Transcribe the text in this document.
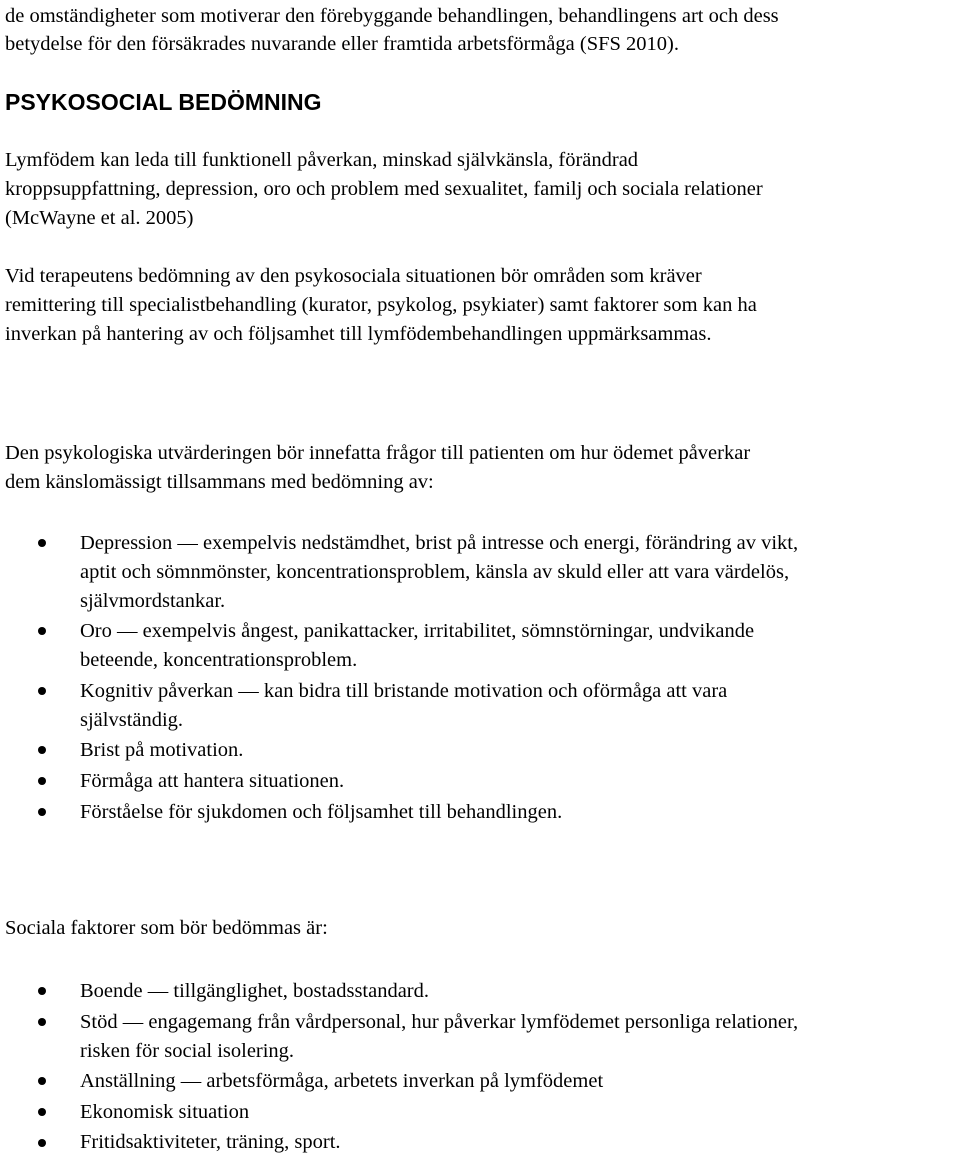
de omständigheter som motiverar den förebyggande behandlingen, behandlingens art och dess
betydelse för den försäkrades nuvarande eller framtida arbetsförmåga (SFS 2010).
PSYKOSOCIAL BEDÖMNING
Lymfödem kan leda till funktionell påverkan, minskad självkänsla, förändrad
kroppsuppfattning, depression, oro och problem med sexualitet, familj och sociala relationer
(McWayne et al. 2005)
Vid terapeutens bedömning av den psykosociala situationen bör områden som kräver
remittering till specialistbehandling (kurator, psykolog, psykiater) samt faktorer som kan ha
inverkan på hantering av och följsamhet till lymfödembehandlingen uppmärksammas.
Den psykologiska utvärderingen bör innefatta frågor till patienten om hur ödemet påverkar
dem känslomässigt tillsammans med bedömning av:
Depression — exempelvis nedstämdhet, brist på intresse och energi, förändring av vikt,
aptit och sömnmönster, koncentrationsproblem, känsla av skuld eller att vara värdelös,
självmordstankar.
Oro — exempelvis ångest, panikattacker, irritabilitet, sömnstörningar, undvikande
beteende, koncentrationsproblem.
Kognitiv påverkan — kan bidra till bristande motivation och oförmåga att vara
självständig.
Brist på motivation.
Förmåga att hantera situationen.
Förståelse för sjukdomen och följsamhet till behandlingen.
Sociala faktorer som bör bedömmas är:
Boende — tillgänglighet, bostadsstandard.
Stöd — engagemang från vårdpersonal, hur påverkar lymfödemet personliga relationer,
risken för social isolering.
Anställning — arbetsförmåga, arbetets inverkan på lymfödemet
Ekonomisk situation
Fritidsaktiviteter, träning, sport.
